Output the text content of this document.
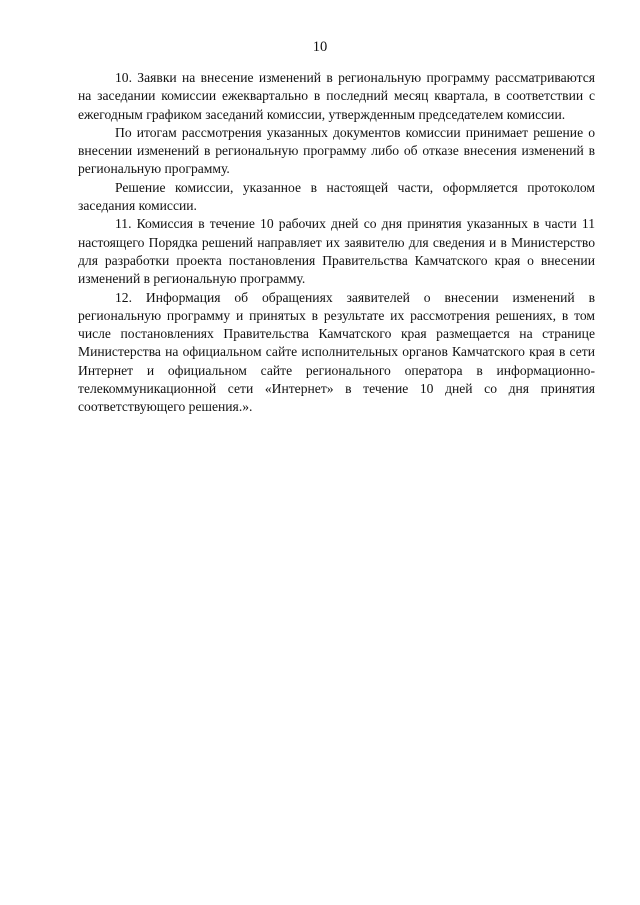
10

10. Заявки на внесение изменений в региональную программу рассматриваются на заседании комиссии ежеквартально в последний месяц квартала, в соответствии с ежегодным графиком заседаний комиссии, утвержденным председателем комиссии.

По итогам рассмотрения указанных документов комиссии принимает решение о внесении изменений в региональную программу либо об отказе внесения изменений в региональную программу.

Решение комиссии, указанное в настоящей части, оформляется протоколом заседания комиссии.

11. Комиссия в течение 10 рабочих дней со дня принятия указанных в части 11 настоящего Порядка решений направляет их заявителю для сведения и в Министерство для разработки проекта постановления Правительства Камчатского края о внесении изменений в региональную программу.

12. Информация об обращениях заявителей о внесении изменений в региональную программу и принятых в результате их рассмотрения решениях, в том числе постановлениях Правительства Камчатского края размещается на странице Министерства на официальном сайте исполнительных органов Камчатского края в сети Интернет и официальном сайте регионального оператора в информационно-телекоммуникационной сети «Интернет» в течение 10 дней со дня принятия соответствующего решения.».
